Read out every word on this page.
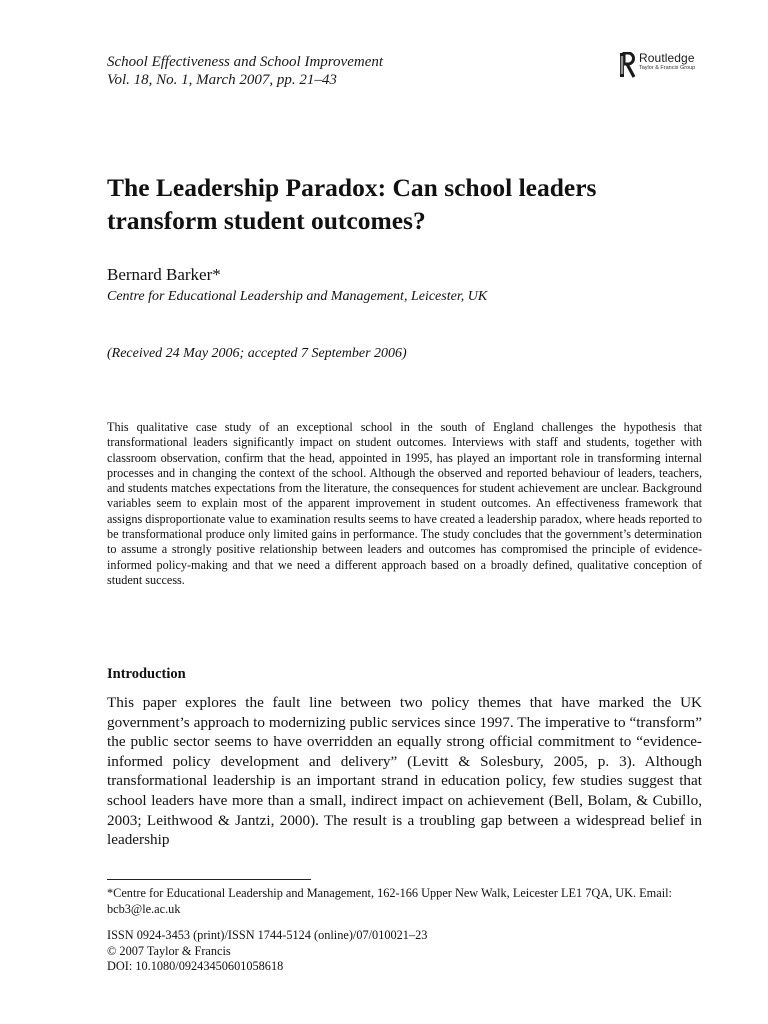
School Effectiveness and School Improvement
Vol. 18, No. 1, March 2007, pp. 21–43
Routledge
Taylor & Francis Group
The Leadership Paradox: Can school leaders transform student outcomes?
Bernard Barker*
Centre for Educational Leadership and Management, Leicester, UK
(Received 24 May 2006; accepted 7 September 2006)

This qualitative case study of an exceptional school in the south of England challenges the hypothesis that transformational leaders significantly impact on student outcomes. Interviews with staff and students, together with classroom observation, confirm that the head, appointed in 1995, has played an important role in transforming internal processes and in changing the context of the school. Although the observed and reported behaviour of leaders, teachers, and students matches expectations from the literature, the consequences for student achievement are unclear. Background variables seem to explain most of the apparent improvement in student outcomes. An effectiveness framework that assigns disproportionate value to examination results seems to have created a leadership paradox, where heads reported to be transformational produce only limited gains in performance. The study concludes that the government’s determination to assume a strongly positive relationship between leaders and outcomes has compromised the principle of evidence-informed policy-making and that we need a different approach based on a broadly defined, qualitative conception of student success.

Introduction

This paper explores the fault line between two policy themes that have marked the UK government’s approach to modernizing public services since 1997. The imperative to “transform” the public sector seems to have overridden an equally strong official commitment to “evidence-informed policy development and delivery” (Levitt & Solesbury, 2005, p. 3). Although transformational leadership is an important strand in education policy, few studies suggest that school leaders have more than a small, indirect impact on achievement (Bell, Bolam, & Cubillo, 2003; Leithwood & Jantzi, 2000). The result is a troubling gap between a widespread belief in leadership

*Centre for Educational Leadership and Management, 162-166 Upper New Walk, Leicester LE1 7QA, UK. Email: bcb3@le.ac.uk

ISSN 0924-3453 (print)/ISSN 1744-5124 (online)/07/010021–23
© 2007 Taylor & Francis
DOI: 10.1080/09243450601058618
